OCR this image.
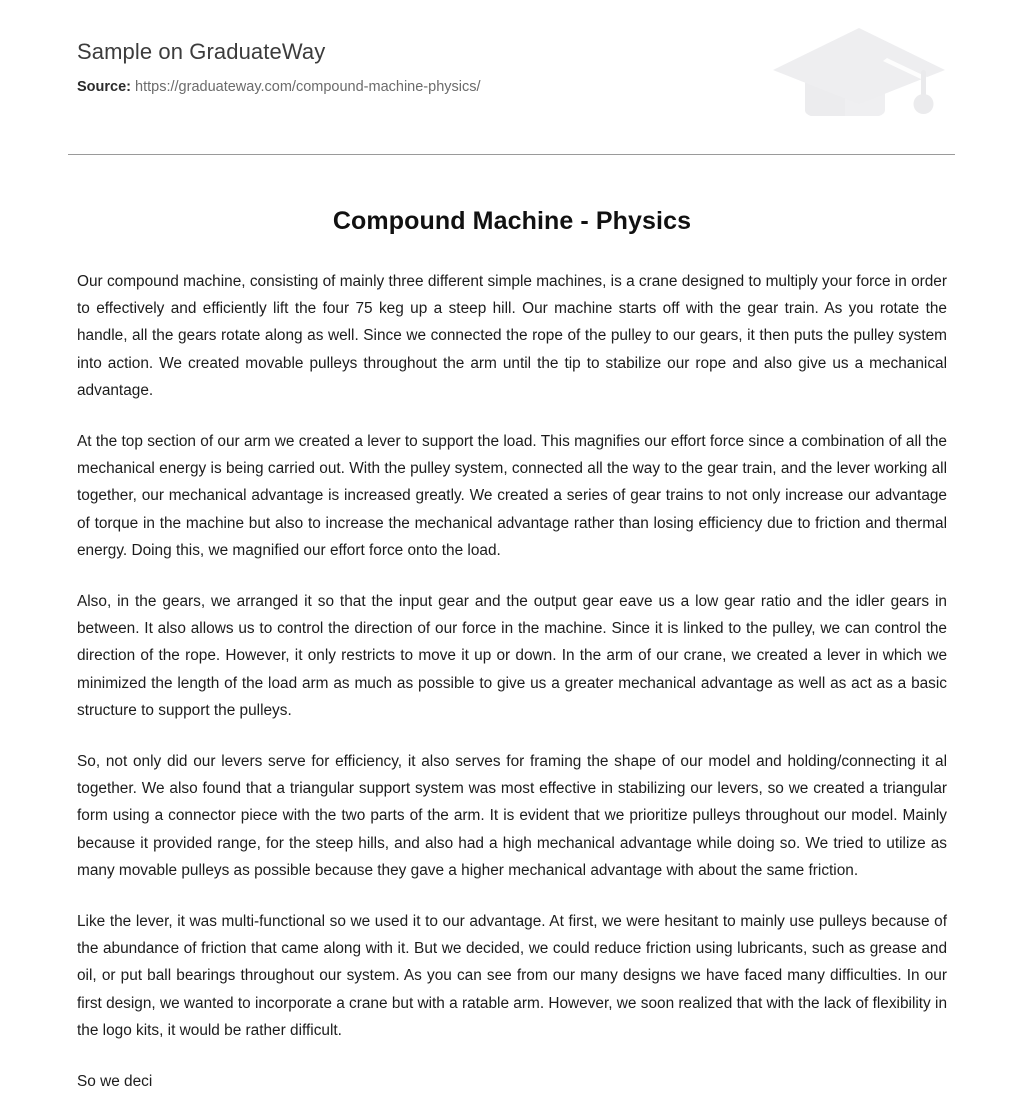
Sample on GraduateWay
Source: https://graduateway.com/compound-machine-physics/
Compound Machine - Physics

Our compound machine, consisting of mainly three different simple machines, is a crane designed to multiply your force in order to effectively and efficiently lift the four 75 keg up a steep hill. Our machine starts off with the gear train. As you rotate the handle, all the gears rotate along as well. Since we connected the rope of the pulley to our gears, it then puts the pulley system into action. We created movable pulleys throughout the arm until the tip to stabilize our rope and also give us a mechanical advantage.

At the top section of our arm we created a lever to support the load. This magnifies our effort force since a combination of all the mechanical energy is being carried out. With the pulley system, connected all the way to the gear train, and the lever working all together, our mechanical advantage is increased greatly. We created a series of gear trains to not only increase our advantage of torque in the machine but also to increase the mechanical advantage rather than losing efficiency due to friction and thermal energy. Doing this, we magnified our effort force onto the load.

Also, in the gears, we arranged it so that the input gear and the output gear eave us a low gear ratio and the idler gears in between. It also allows us to control the direction of our force in the machine. Since it is linked to the pulley, we can control the direction of the rope. However, it only restricts to move it up or down. In the arm of our crane, we created a lever in which we minimized the length of the load arm as much as possible to give us a greater mechanical advantage as well as act as a basic structure to support the pulleys.

So, not only did our levers serve for efficiency, it also serves for framing the shape of our model and holding/connecting it al together. We also found that a triangular support system was most effective in stabilizing our levers, so we created a triangular form using a connector piece with the two parts of the arm. It is evident that we prioritize pulleys throughout our model. Mainly because it provided range, for the steep hills, and also had a high mechanical advantage while doing so. We tried to utilize as many movable pulleys as possible because they gave a higher mechanical advantage with about the same friction.

Like the lever, it was multi-functional so we used it to our advantage. At first, we were hesitant to mainly use pulleys because of the abundance of friction that came along with it. But we decided, we could reduce friction using lubricants, such as grease and oil, or put ball bearings throughout our system. As you can see from our many designs we have faced many difficulties. In our first design, we wanted to incorporate a crane but with a ratable arm. However, we soon realized that with the lack of flexibility in the logo kits, it would be rather difficult.

So we deci
